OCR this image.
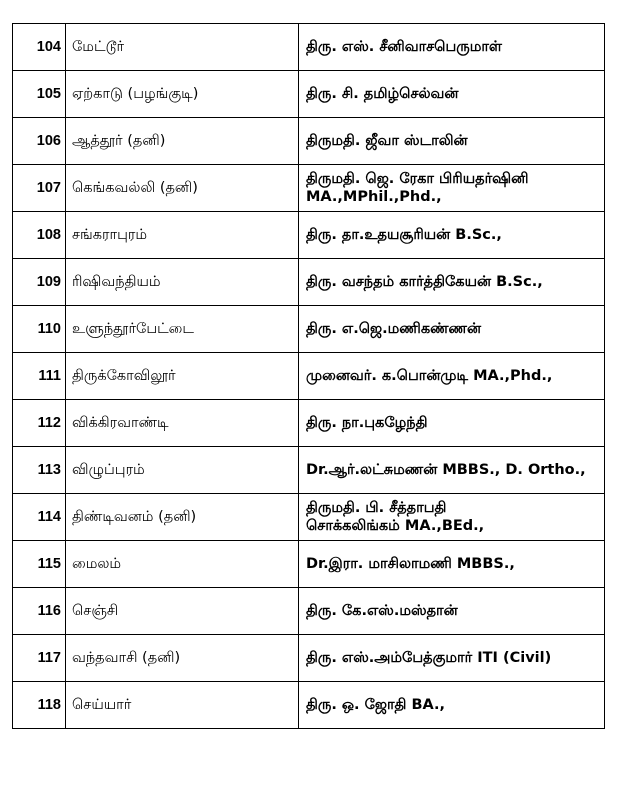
104	மேட்டூர்	திரு. எஸ். சீனிவாசபெருமாள்

105	ஏற்காடு (பழங்குடி)	திரு. சி. தமிழ்செல்வன்

106	ஆத்தூர் (தனி)	திருமதி. ஜீவா ஸ்டாலின்

107	கெங்கவல்லி (தனி)	திருமதி. ஜெ. ரேகா பிரியதர்ஷினி
MA.,MPhil.,Phd.,

108	சங்கராபுரம்	திரு. தா.உதயசூரியன் B.Sc.,

109	ரிஷிவந்தியம்	திரு. வசந்தம் கார்த்திகேயன் B.Sc.,

110	உளுந்தூர்பேட்டை	திரு. எ.ஜெ.மணிகண்ணன்

111	திருக்கோவிலூர்	முனைவர். க.பொன்முடி MA.,Phd.,

112	விக்கிரவாண்டி	திரு. நா.புகழேந்தி

113	விழுப்புரம்	Dr.ஆர்.லட்சுமணன் MBBS., D. Ortho.,

114	திண்டிவனம் (தனி)	திருமதி. பி. சீத்தாபதி
சொக்கலிங்கம் MA.,BEd.,

115	மைலம்	Dr.இரா. மாசிலாமணி MBBS.,

116	செஞ்சி	திரு. கே.எஸ்.மஸ்தான்

117	வந்தவாசி (தனி)	திரு. எஸ்.அம்பேத்குமார் ITI (Civil)

118	செய்யார்	திரு. ஒ. ஜோதி BA.,
